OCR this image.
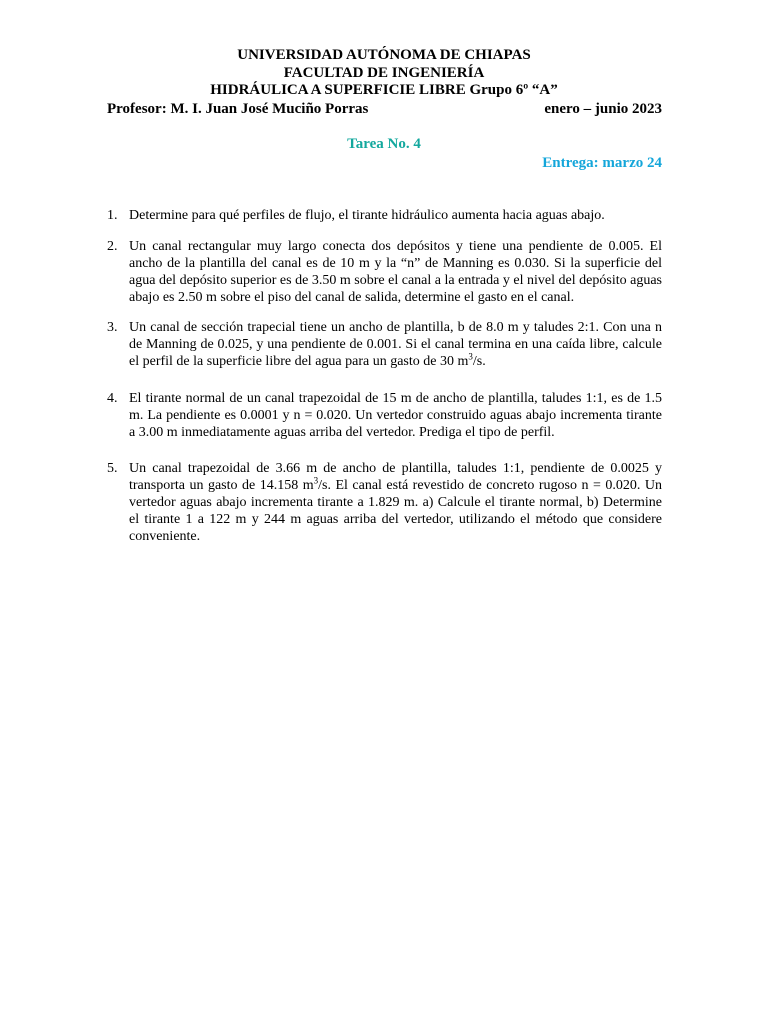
UNIVERSIDAD AUTÓNOMA DE CHIAPAS
FACULTAD DE INGENIERÍA
HIDRÁULICA A SUPERFICIE LIBRE Grupo 6º “A”
Profesor: M. I. Juan José Muciño Porras	enero – junio 2023
Tarea No. 4
Entrega: marzo 24
1. Determine para qué perfiles de flujo, el tirante hidráulico aumenta hacia aguas abajo.
2. Un canal rectangular muy largo conecta dos depósitos y tiene una pendiente de 0.005. El ancho de la plantilla del canal es de 10 m y la “n” de Manning es 0.030. Si la superficie del agua del depósito superior es de 3.50 m sobre el canal a la entrada y el nivel del depósito aguas abajo es 2.50 m sobre el piso del canal de salida, determine el gasto en el canal.
3. Un canal de sección trapecial tiene un ancho de plantilla, b de 8.0 m y taludes 2:1. Con una n de Manning de 0.025, y una pendiente de 0.001. Si el canal termina en una caída libre, calcule el perfil de la superficie libre del agua para un gasto de 30 $m^3/s$.
4. El tirante normal de un canal trapezoidal de 15 m de ancho de plantilla, taludes 1:1, es de 1.5 m. La pendiente es 0.0001 y n = 0.020. Un vertedor construido aguas abajo incrementa tirante a 3.00 m inmediatamente aguas arriba del vertedor. Prediga el tipo de perfil.
5. Un canal trapezoidal de 3.66 m de ancho de plantilla, taludes 1:1, pendiente de 0.0025 y transporta un gasto de 14.158 $m^3/s$. El canal está revestido de concreto rugoso n = 0.020. Un vertedor aguas abajo incrementa tirante a 1.829 m. a) Calcule el tirante normal, b) Determine el tirante 1 a 122 m y 244 m aguas arriba del vertedor, utilizando el método que considere conveniente.
